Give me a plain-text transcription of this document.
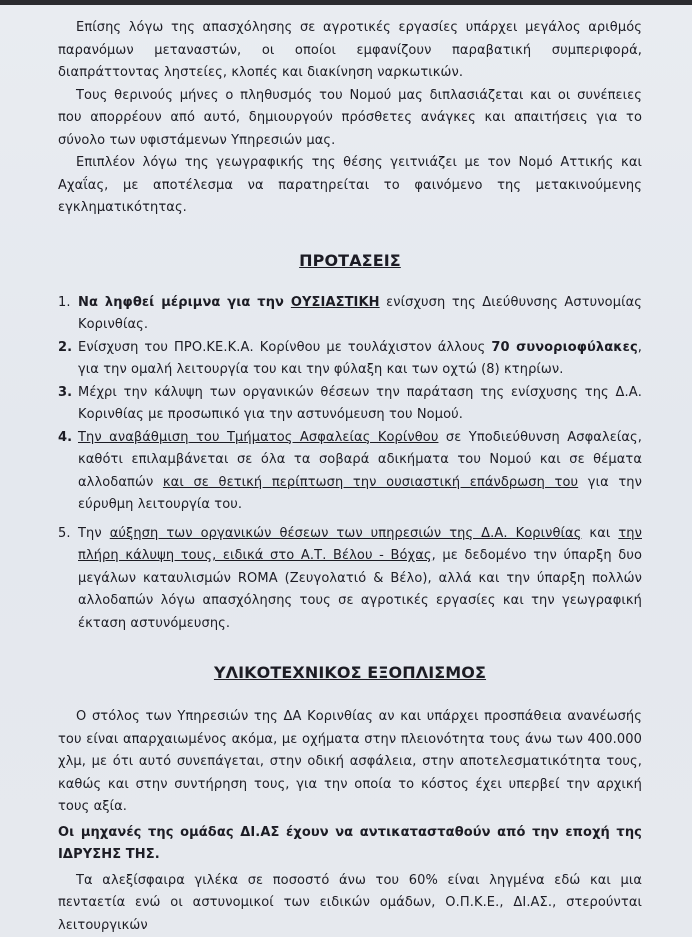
Επίσης λόγω της απασχόλησης σε αγροτικές εργασίες υπάρχει μεγάλος αριθμός παρανόμων μεταναστών, οι οποίοι εμφανίζουν παραβατική συμπεριφορά, διαπράττοντας ληστείες, κλοπές και διακίνηση ναρκωτικών.

Τους θερινούς μήνες ο πληθυσμός του Νομού μας διπλασιάζεται και οι συνέπειες που απορρέουν από αυτό, δημιουργούν πρόσθετες ανάγκες και απαιτήσεις για το σύνολο των υφιστάμενων Υπηρεσιών μας.

Επιπλέον λόγω της γεωγραφικής της θέσης γειτνιάζει με τον Νομό Αττικής και Αχαΐας, με αποτέλεσμα να παρατηρείται το φαινόμενο της μετακινούμενης εγκληματικότητας.

ΠΡΟΤΑΣΕΙΣ
1. Να ληφθεί μέριμνα για την ΟΥΣΙΑΣΤΙΚΗ ενίσχυση της Διεύθυνσης Αστυνομίας Κορινθίας.
2. Ενίσχυση του ΠΡΟ.ΚΕ.Κ.Α. Κορίνθου με τουλάχιστον άλλους 70 συνοριοφύλακες, για την ομαλή λειτουργία του και την φύλαξη και των οχτώ (8) κτηρίων.
3. Μέχρι την κάλυψη των οργανικών θέσεων την παράταση της ενίσχυσης της Δ.Α. Κορινθίας με προσωπικό για την αστυνόμευση του Νομού.
4. Την αναβάθμιση του Τμήματος Ασφαλείας Κορίνθου σε Υποδιεύθυνση Ασφαλείας, καθότι επιλαμβάνεται σε όλα τα σοβαρά αδικήματα του Νομού και σε θέματα αλλοδαπών και σε θετική περίπτωση την ουσιαστική επάνδρωση του για την εύρυθμη λειτουργία του.
5. Την αύξηση των οργανικών θέσεων των υπηρεσιών της Δ.Α. Κορινθίας και την πλήρη κάλυψη τους, ειδικά στο Α.Τ. Βέλου - Βόχας, με δεδομένο την ύπαρξη δυο μεγάλων καταυλισμών ROMA (Ζευγολατιό & Βέλο), αλλά και την ύπαρξη πολλών αλλοδαπών λόγω απασχόλησης τους σε αγροτικές εργασίες και την γεωγραφική έκταση αστυνόμευσης.
ΥΛΙΚΟΤΕΧΝΙΚΟΣ ΕΞΟΠΛΙΣΜΟΣ

Ο στόλος των Υπηρεσιών της ΔΑ Κορινθίας αν και υπάρχει προσπάθεια ανανέωσής του είναι απαρχαιωμένος ακόμα, με οχήματα στην πλειονότητα τους άνω των 400.000 χλμ, με ότι αυτό συνεπάγεται, στην οδική ασφάλεια, στην αποτελεσματικότητα τους, καθώς και στην συντήρηση τους, για την οποία το κόστος έχει υπερβεί την αρχική τους αξία.

Οι μηχανές της ομάδας ΔΙ.ΑΣ έχουν να αντικατασταθούν από την εποχή της ΙΔΡΥΣΗΣ ΤΗΣ.

Τα αλεξίσφαιρα γιλέκα σε ποσοστό άνω του 60% είναι ληγμένα εδώ και μια πενταετία ενώ οι αστυνομικοί των ειδικών ομάδων, Ο.Π.Κ.Ε., ΔΙ.ΑΣ., στερούνται λειτουργικών
